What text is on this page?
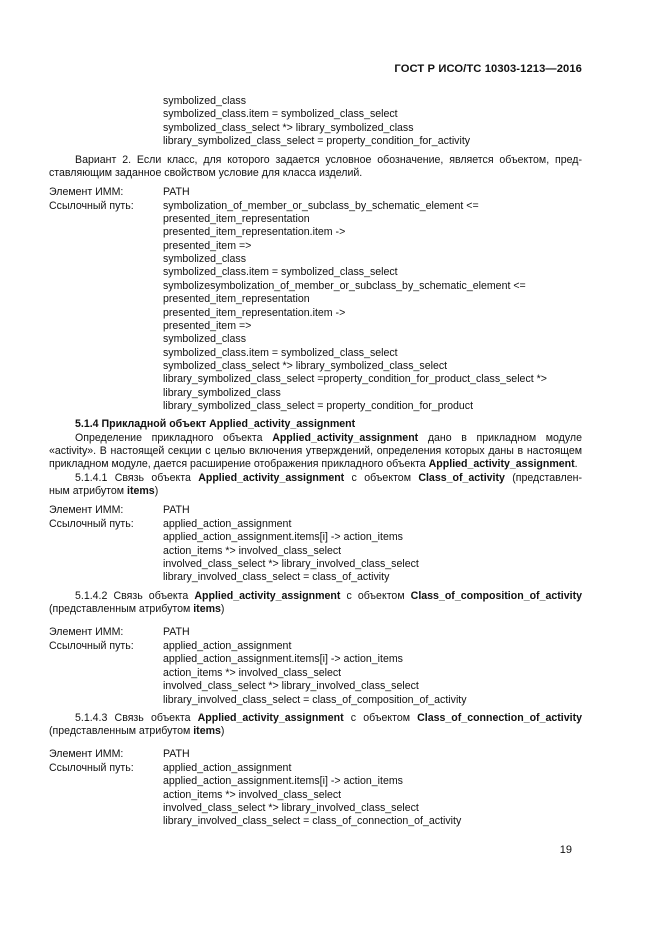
ГОСТ Р ИСО/ТС 10303-1213—2016
symbolized_class
symbolized_class.item = symbolized_class_select
symbolized_class_select *> library_symbolized_class
library_symbolized_class_select = property_condition_for_activity
Вариант 2. Если класс, для которого задается условное обозначение, является объектом, пред-
ставляющим заданное свойством условие для класса изделий.
Элемент ИММ:	PATH
Ссылочный путь:	symbolization_of_member_or_subclass_by_schematic_element <=
presented_item_representation
presented_item_representation.item ->
presented_item =>
symbolized_class
symbolized_class.item = symbolized_class_select
symbolizesymbolization_of_member_or_subclass_by_schematic_element <=
presented_item_representation
presented_item_representation.item ->
presented_item =>
symbolized_class
symbolized_class.item = symbolized_class_select
symbolized_class_select *> library_symbolized_class_select
library_symbolized_class_select =property_condition_for_product_class_select *>
library_symbolized_class
library_symbolized_class_select = property_condition_for_product
5.1.4 Прикладной объект Applied_activity_assignment
Определение прикладного объекта Applied_activity_assignment дано в прикладном модуле
«activity». В настоящей секции с целью включения утверждений, определения которых даны в настоящем
прикладном модуле, дается расширение отображения прикладного объекта Applied_activity_assignment.
5.1.4.1 Связь объекта Applied_activity_assignment с объектом Class_of_activity (представлен-
ным атрибутом items)
Элемент ИММ:	PATH
Ссылочный путь:	applied_action_assignment
applied_action_assignment.items[i] -> action_items
action_items *> involved_class_select
involved_class_select *> library_involved_class_select
library_involved_class_select = class_of_activity
5.1.4.2 Связь объекта Applied_activity_assignment с объектом Class_of_composition_of_activity
(представленным атрибутом items)
Элемент ИММ:	PATH
Ссылочный путь:	applied_action_assignment
applied_action_assignment.items[i] -> action_items
action_items *> involved_class_select
involved_class_select *> library_involved_class_select
library_involved_class_select = class_of_composition_of_activity
5.1.4.3 Связь объекта Applied_activity_assignment с объектом Class_of_connection_of_activity
(представленным атрибутом items)
Элемент ИММ:	PATH
Ссылочный путь:	applied_action_assignment
applied_action_assignment.items[i] -> action_items
action_items *> involved_class_select
involved_class_select *> library_involved_class_select
library_involved_class_select = class_of_connection_of_activity
19
